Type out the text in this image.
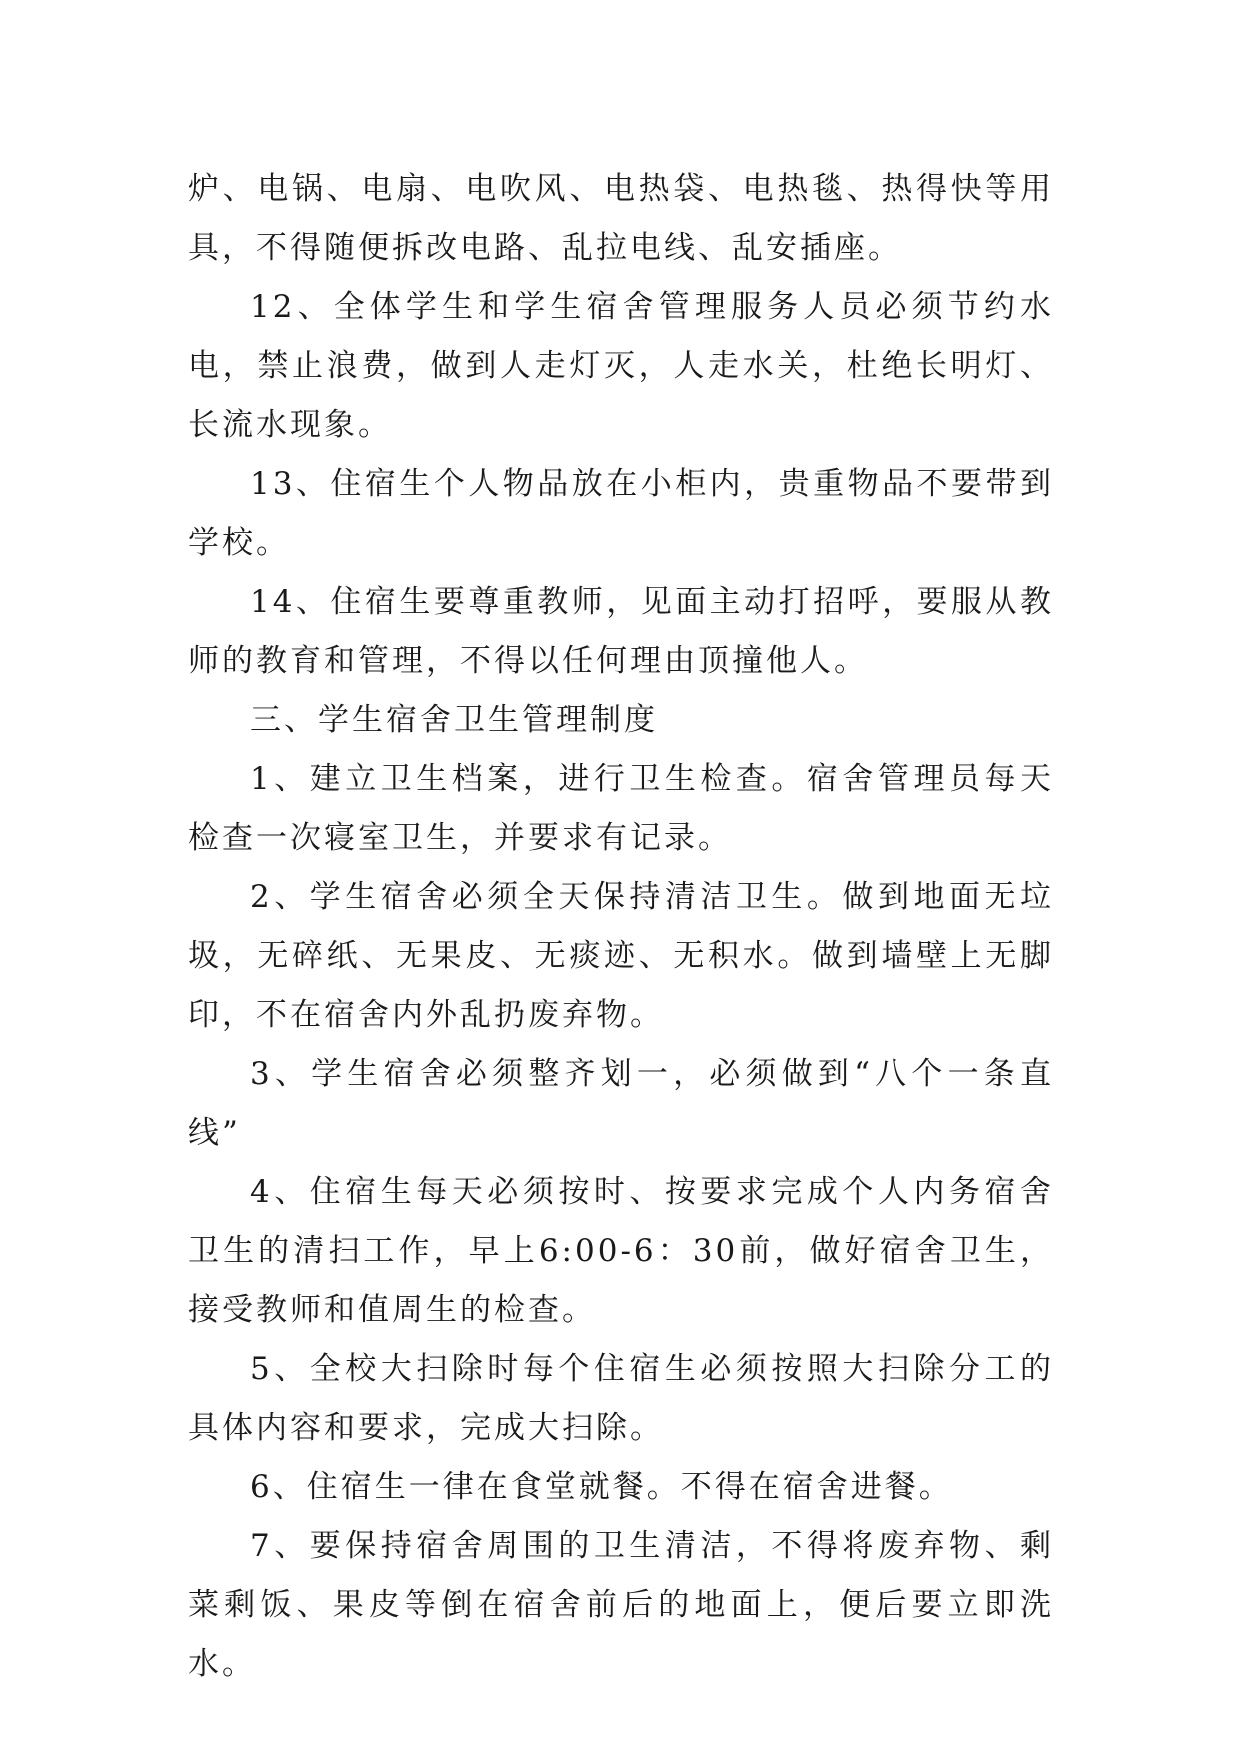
炉、电锅、电扇、电吹风、电热袋、电热毯、热得快等用具，不得随便拆改电路、乱拉电线、乱安插座。

12、全体学生和学生宿舍管理服务人员必须节约水电，禁止浪费，做到人走灯灭，人走水关，杜绝长明灯、长流水现象。

13、住宿生个人物品放在小柜内，贵重物品不要带到学校。

14、住宿生要尊重教师，见面主动打招呼，要服从教师的教育和管理，不得以任何理由顶撞他人。

三、学生宿舍卫生管理制度

1、建立卫生档案，进行卫生检查。宿舍管理员每天检查一次寝室卫生，并要求有记录。

2、学生宿舍必须全天保持清洁卫生。做到地面无垃圾，无碎纸、无果皮、无痰迹、无积水。做到墙壁上无脚印，不在宿舍内外乱扔废弃物。

3、学生宿舍必须整齐划一，必须做到“八个一条直线”

4、住宿生每天必须按时、按要求完成个人内务宿舍卫生的清扫工作，早上6:00-6：30前，做好宿舍卫生，接受教师和值周生的检查。

5、全校大扫除时每个住宿生必须按照大扫除分工的具体内容和要求，完成大扫除。

6、住宿生一律在食堂就餐。不得在宿舍进餐。

7、要保持宿舍周围的卫生清洁，不得将废弃物、剩菜剩饭、果皮等倒在宿舍前后的地面上，便后要立即洗水。
